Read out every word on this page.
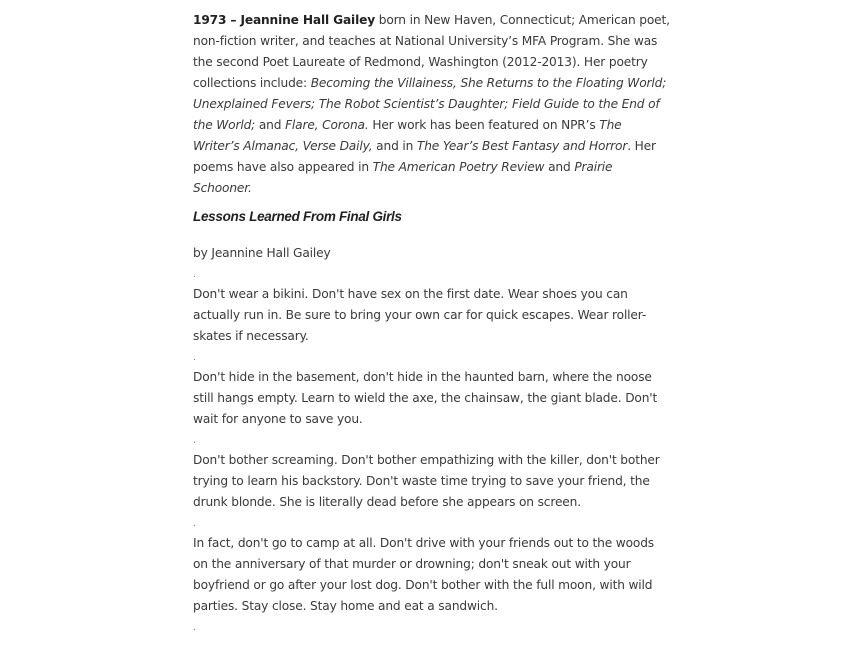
1973 – Jeannine Hall Gailey born in New Haven, Connecticut; American poet,
non-fiction writer, and teaches at National University’s MFA Program. She was
the second Poet Laureate of Redmond, Washington (2012-2013). Her poetry
collections include: Becoming the Villainess, She Returns to the Floating World;
Unexplained Fevers; The Robot Scientist’s Daughter; Field Guide to the End of
the World; and Flare, Corona. Her work has been featured on NPR’s The
Writer’s Almanac, Verse Daily, and in The Year’s Best Fantasy and Horror. Her
poems have also appeared in The American Poetry Review and Prairie
Schooner.
Lessons Learned From Final Girls
by Jeannine Hall Gailey
.
.
.
.
.
Don't wear a bikini. Don't have sex on the first date. Wear shoes you can
actually run in. Be sure to bring your own car for quick escapes. Wear roller-
skates if necessary.
Don't hide in the basement, don't hide in the haunted barn, where the noose
still hangs empty. Learn to wield the axe, the chainsaw, the giant blade. Don't
wait for anyone to save you.
Don't bother screaming. Don't bother empathizing with the killer, don't bother
trying to learn his backstory. Don't waste time trying to save your friend, the
drunk blonde. She is literally dead before she appears on screen.
In fact, don't go to camp at all. Don't drive with your friends out to the woods
on the anniversary of that murder or drowning; don't sneak out with your
boyfriend or go after your lost dog. Don't bother with the full moon, with wild
parties. Stay close. Stay home and eat a sandwich.
